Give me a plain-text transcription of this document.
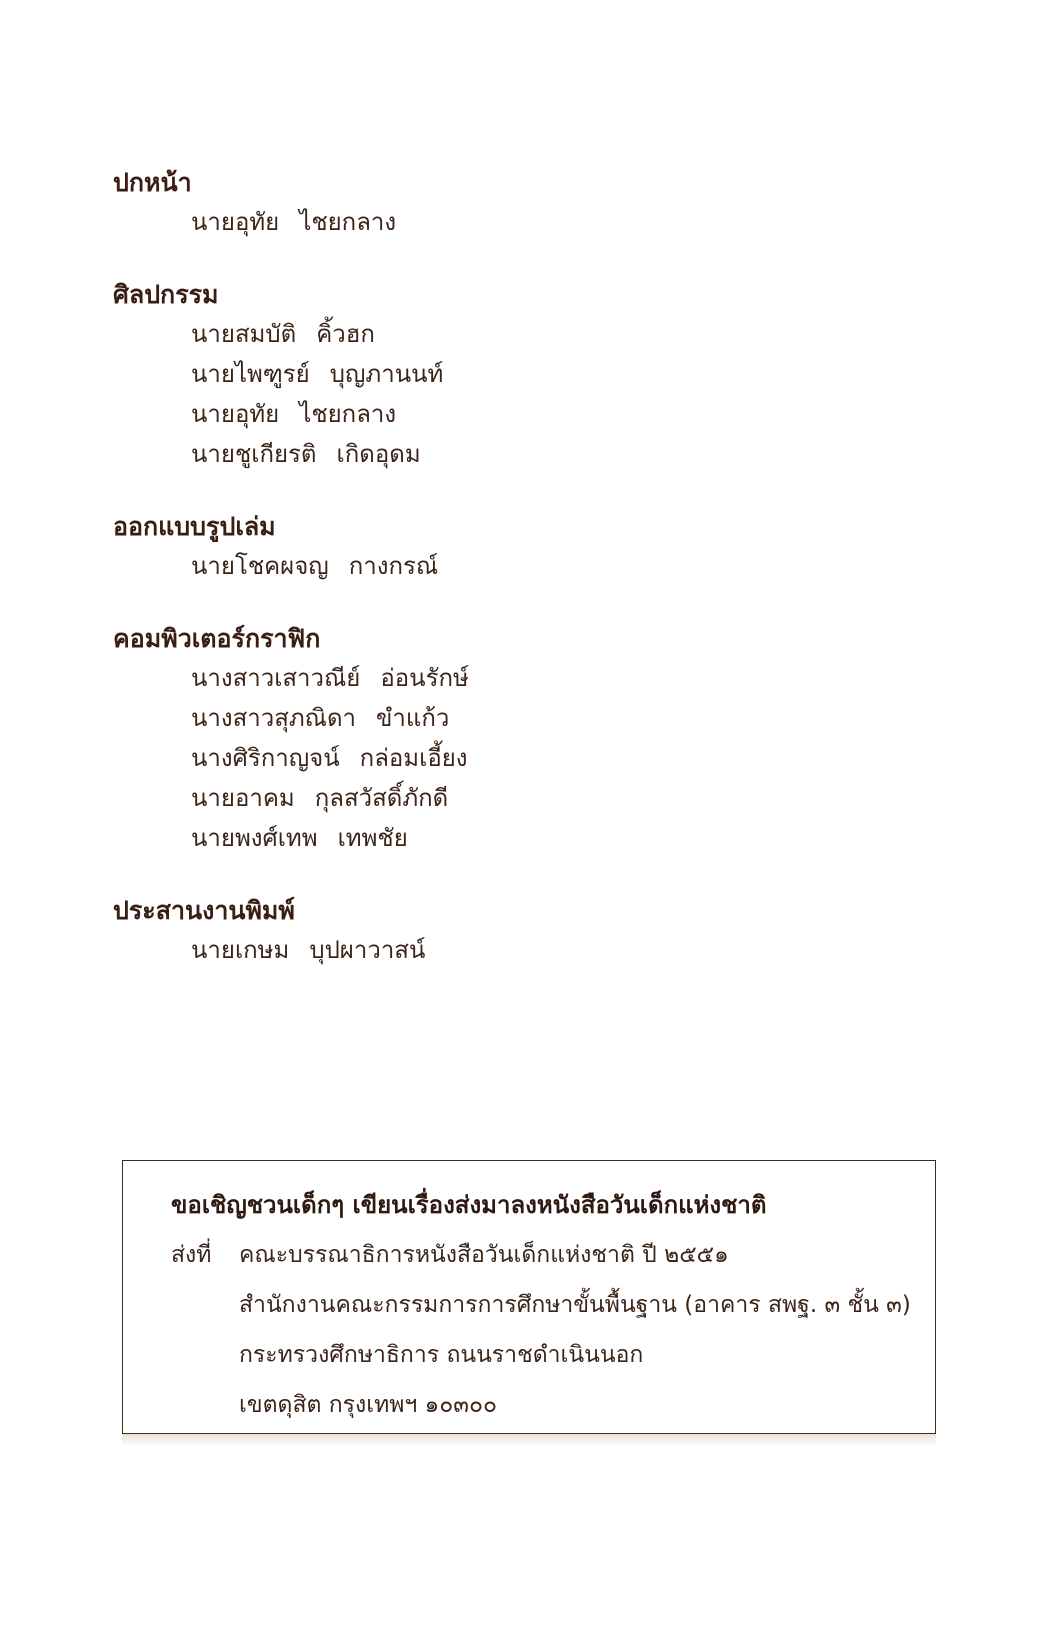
ปกหน้า
นายอุทัย ไชยกลาง
ศิลปกรรม
นายสมบัติ คิ้วฮก
นายไพฑูรย์ บุญภานนท์
นายอุทัย ไชยกลาง
นายชูเกียรติ เกิดอุดม
ออกแบบรูปเล่ม
นายโชคผจญ กางกรณ์
คอมพิวเตอร์กราฟิก
นางสาวเสาวณีย์ อ่อนรักษ์
นางสาวสุภณิดา ขำแก้ว
นางศิริกาญจน์ กล่อมเอี้ยง
นายอาคม กุลสวัสดิ์ภักดี
นายพงศ์เทพ เทพชัย
ประสานงานพิมพ์
นายเกษม บุปผาวาสน์
ขอเชิญชวนเด็กๆ เขียนเรื่องส่งมาลงหนังสือวันเด็กแห่งชาติ
ส่งที่ คณะบรรณาธิการหนังสือวันเด็กแห่งชาติ ปี ๒๕๕๑
สำนักงานคณะกรรมการการศึกษาขั้นพื้นฐาน (อาคาร สพฐ. ๓ ชั้น ๓)
กระทรวงศึกษาธิการ ถนนราชดำเนินนอก
เขตดุสิต กรุงเทพฯ ๑๐๓๐๐
